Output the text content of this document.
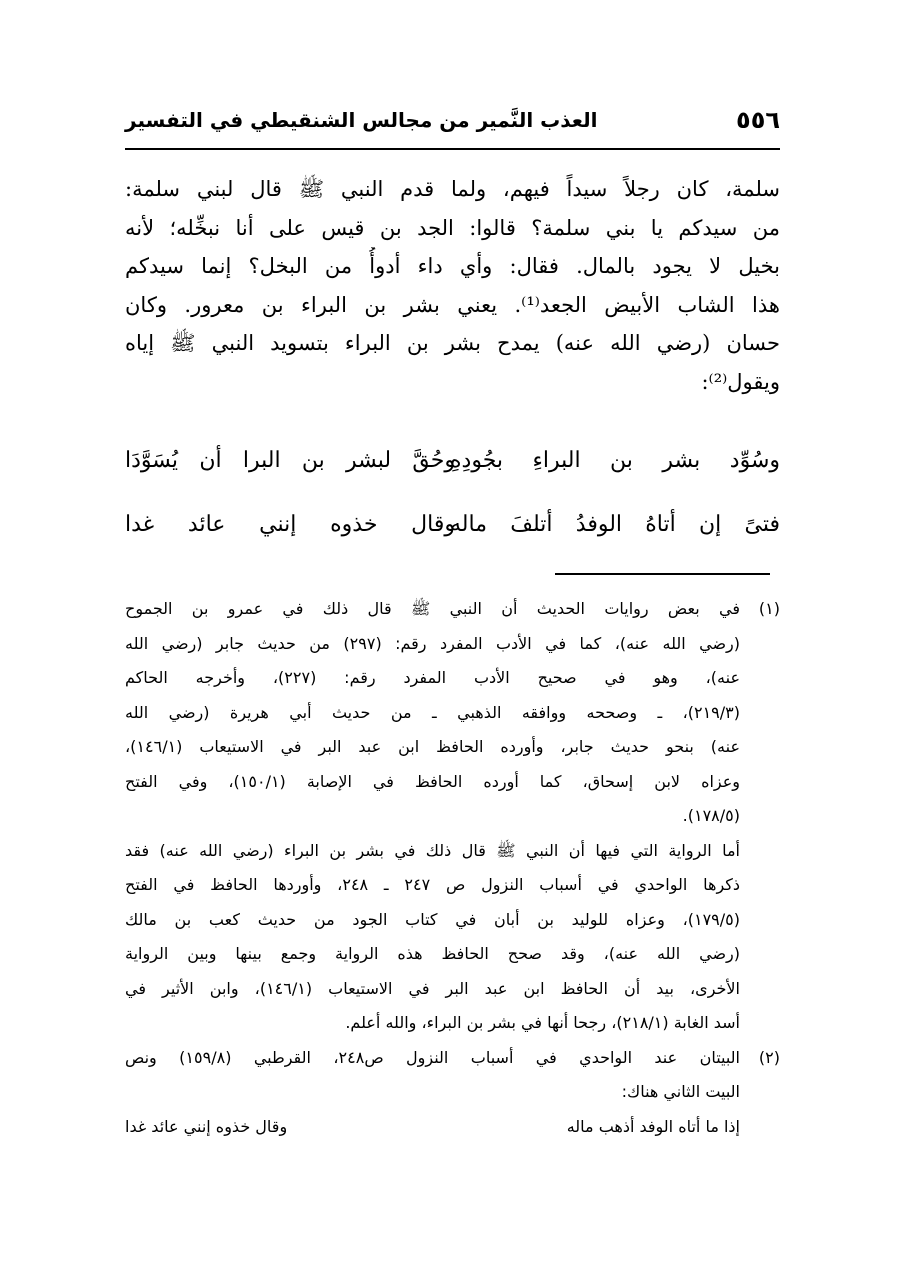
٥٥٦
العذب النَّمير من مجالس الشنقيطي في التفسير
سلمة، كان رجلاً سيداً فيهم، ولما قدم النبي ﷺ قال لبني سلمة:
من سيدكم يا بني سلمة؟ قالوا: الجد بن قيس على أنا نبخِّله؛ لأنه
بخيل لا يجود بالمال. فقال: وأي داء أدوأُ من البخل؟ إنما سيدكم
هذا الشاب الأبيض الجعد⁽¹⁾. يعني بشر بن البراء بن معرور. وكان
حسان (رضي الله عنه) يمدح بشر بن البراء بتسويد النبي ﷺ إياه
ويقول⁽²⁾:
وسُوِّد بشر بن البراءِ بجُودِهِ
وحُقَّ لبشر بن البرا أن يُسَوَّدَا
فتىً إن أتاهُ الوفدُ أتلفَ ماله
وقال خذوه إنني عائد غدا
(١)
في بعض روايات الحديث أن النبي ﷺ قال ذلك في عمرو بن الجموح
(رضي الله عنه)، كما في الأدب المفرد رقم: (٢٩٧) من حديث جابر (رضي الله
عنه)، وهو في صحيح الأدب المفرد رقم: (٢٢٧)، وأخرجه الحاكم
(٢١٩/٣)، ـ وصححه ووافقه الذهبي ـ من حديث أبي هريرة (رضي الله
عنه) بنحو حديث جابر، وأورده الحافظ ابن عبد البر في الاستيعاب (١٤٦/١)،
وعزاه لابن إسحاق، كما أورده الحافظ في الإصابة (١٥٠/١)، وفي الفتح
(١٧٨/٥).
أما الرواية التي فيها أن النبي ﷺ قال ذلك في بشر بن البراء (رضي الله عنه) فقد
ذكرها الواحدي في أسباب النزول ص ٢٤٧ ـ ٢٤٨، وأوردها الحافظ في الفتح
(١٧٩/٥)، وعزاه للوليد بن أبان في كتاب الجود من حديث كعب بن مالك
(رضي الله عنه)، وقد صحح الحافظ هذه الرواية وجمع بينها وبين الرواية
الأخرى، بيد أن الحافظ ابن عبد البر في الاستيعاب (١٤٦/١)، وابن الأثير في
أسد الغابة (٢١٨/١)، رجحا أنها في بشر بن البراء، والله أعلم.
(٢)
البيتان عند الواحدي في أسباب النزول ص٢٤٨، القرطبي (١٥٩/٨) ونص
البيت الثاني هناك:
إذا ما أتاه الوفد أذهب ماله
وقال خذوه إنني عائد غدا
